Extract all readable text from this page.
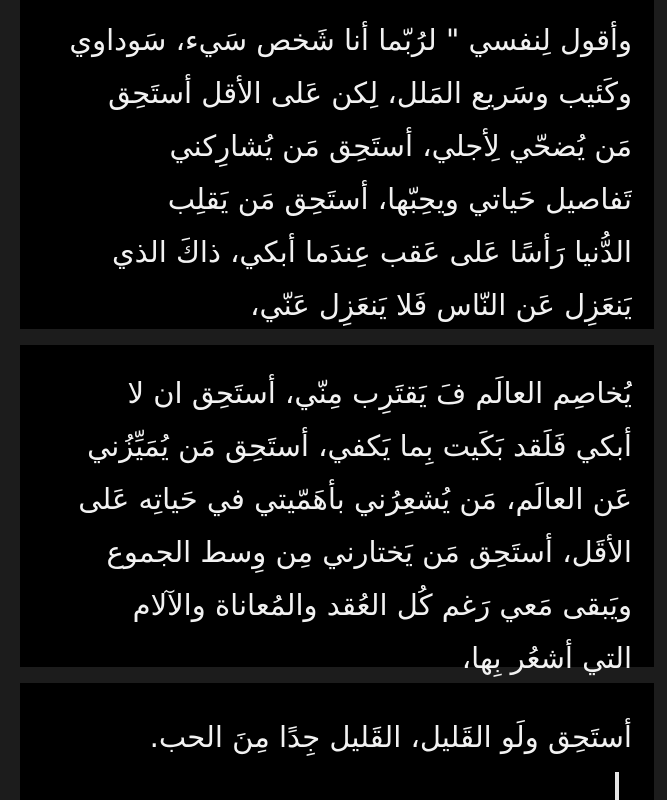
وأقول لِنفسي " لرُبّما أنا شَخص سَيء، سَوداوي
وكَئيب وسَريع المَلل، لِكن عَلى الأقل أستَحِق
مَن يُضحّي لِأجلي، أستَحِق مَن يُشارِكني
تَفاصيل حَياتي ويحِبّها، أستَحِق مَن يَقلِب
الدُّنيا رَأسًا عَلى عَقب عِندَما أبكي، ذاكَ الذي
يَنعَزِل عَن النّاس فَلا يَنعَزِل عَنّي،
يُخاصِم العالَم فَ يَقتَرِب مِنّي، أستَحِق ان لا
أبكي فَلَقد بَكَيت بِما يَكفي، أستَحِق مَن يُمَيِّزُني
عَن العالَم، مَن يُشعِرُني بأهَمّيتي في حَياتِه عَلى
الأقَل، أستَحِق مَن يَختارني مِن وِسط الجموع
ويَبقى مَعي رَغم كُل العُقد والمُعاناة والآلام
التي أشعُر بِها،
أستَحِق ولَو القَليل، القَليل جِدًا مِنَ الحب.
